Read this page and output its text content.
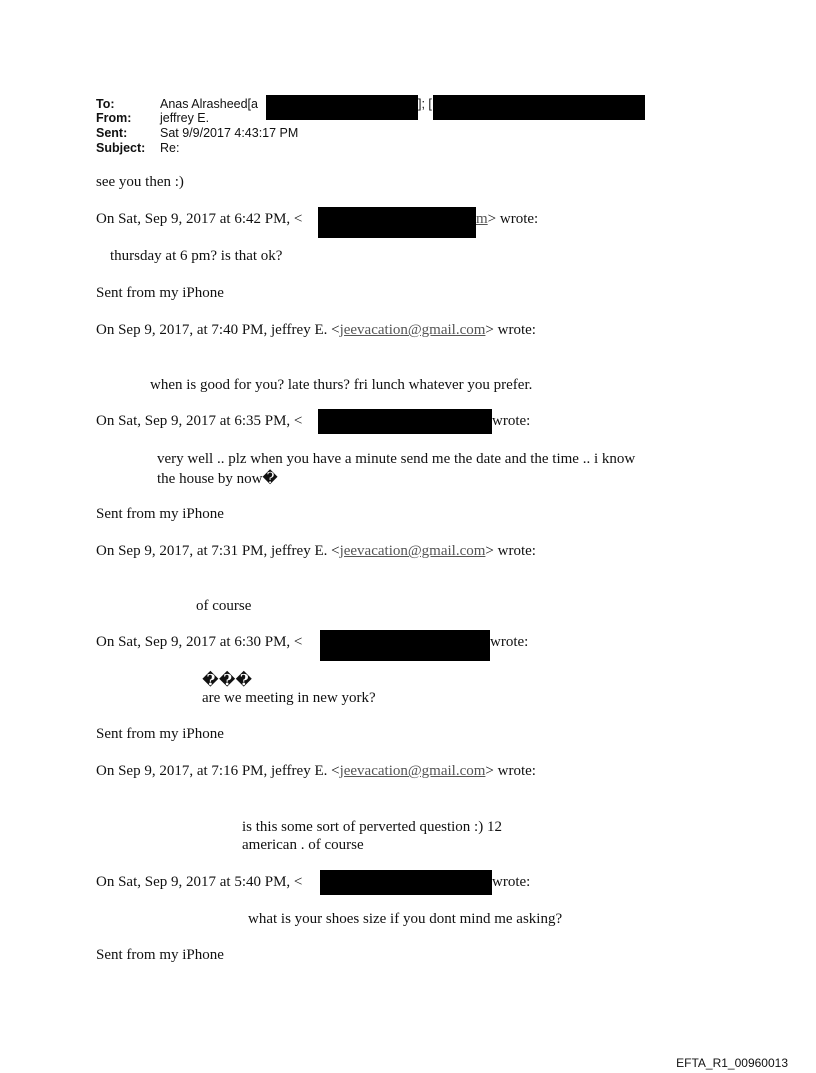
To:	Anas Alrasheed[a	]; [
From: jeffrey E.
Sent:	Sat 9/9/2017 4:43:17 PM
Subject: Re:
see you then :)
On Sat, Sep 9, 2017 at 6:42 PM, <	m> wrote:
thursday at 6 pm? is that ok?
Sent from my iPhone
On Sep 9, 2017, at 7:40 PM, jeffrey E. <jeevacation@gmail.com> wrote:
when is good for you? late thurs? fri lunch whatever you prefer.
On Sat, Sep 9, 2017 at 6:35 PM, <	wrote:
very well .. plz when you have a minute send me the date and the time .. i know
the house by now�
Sent from my iPhone
On Sep 9, 2017, at 7:31 PM, jeffrey E. <jeevacation@gmail.com> wrote:
of course
On Sat, Sep 9, 2017 at 6:30 PM, <	wrote:
���
are we meeting in new york?
Sent from my iPhone
On Sep 9, 2017, at 7:16 PM, jeffrey E. <jeevacation@gmail.com> wrote:
is this some sort of perverted question :) 12
american . of course
On Sat, Sep 9, 2017 at 5:40 PM, <	wrote:
what is your shoes size if you dont mind me asking?
Sent from my iPhone
EFTA_R1_00960013
